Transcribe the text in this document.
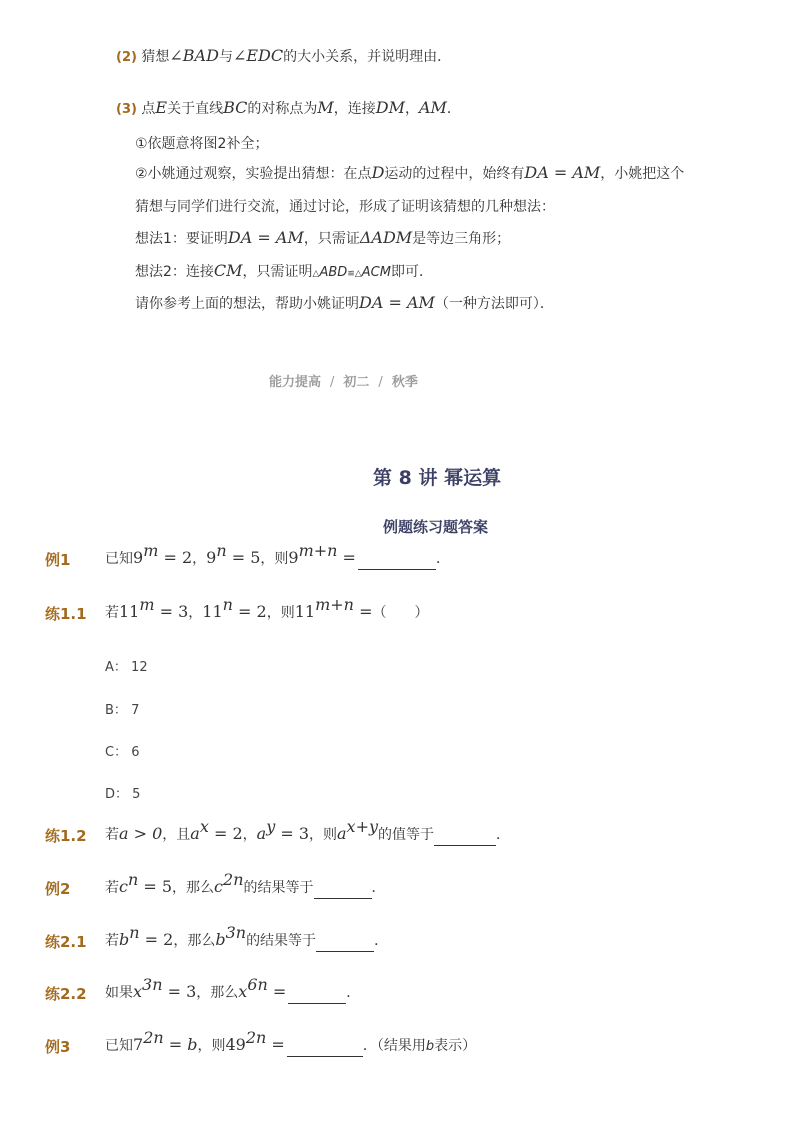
(2) 猜想∠BAD与∠EDC的大小关系，并说明理由．
(3) 点E关于直线BC的对称点为M，连接DM，AM．
①依题意将图2补全；
②小姚通过观察，实验提出猜想：在点D运动的过程中，始终有DA = AM，小姚把这个
猜想与同学们进行交流，通过讨论，形成了证明该猜想的几种想法：
想法1：要证明DA = AM，只需证ΔADM是等边三角形；
想法2：连接CM，只需证明△ABD≌△ACM即可．
请你参考上面的想法，帮助小姚证明DA = AM（一种方法即可）．
能力提高 / 初二 / 秋季
第 8 讲 幂运算
例题练习题答案
例1 已知$9^m = 2$，$9^n = 5$，则$9^{m+n}$ =	．
练1.1 若$11^m = 3$，$11^n = 2$，则$11^{m+n}$ =（　　）
A： 12
B： 7
C： 6
D： 5
练1.2 若a > 0，且$a^x = 2$，$a^y = 3$，则$a^{x+y}$的值等于	．
例2 若$c^n = 5$，那么$c^{2n}$的结果等于	．
练2.1 若$b^n = 2$，那么$b^{3n}$的结果等于	．
练2.2 如果$x^{3n} = 3$，那么$x^{6n}$ =	．
例3 已知$7^{2n} = b$，则$49^{2n}$ =	．（结果用b表示）
